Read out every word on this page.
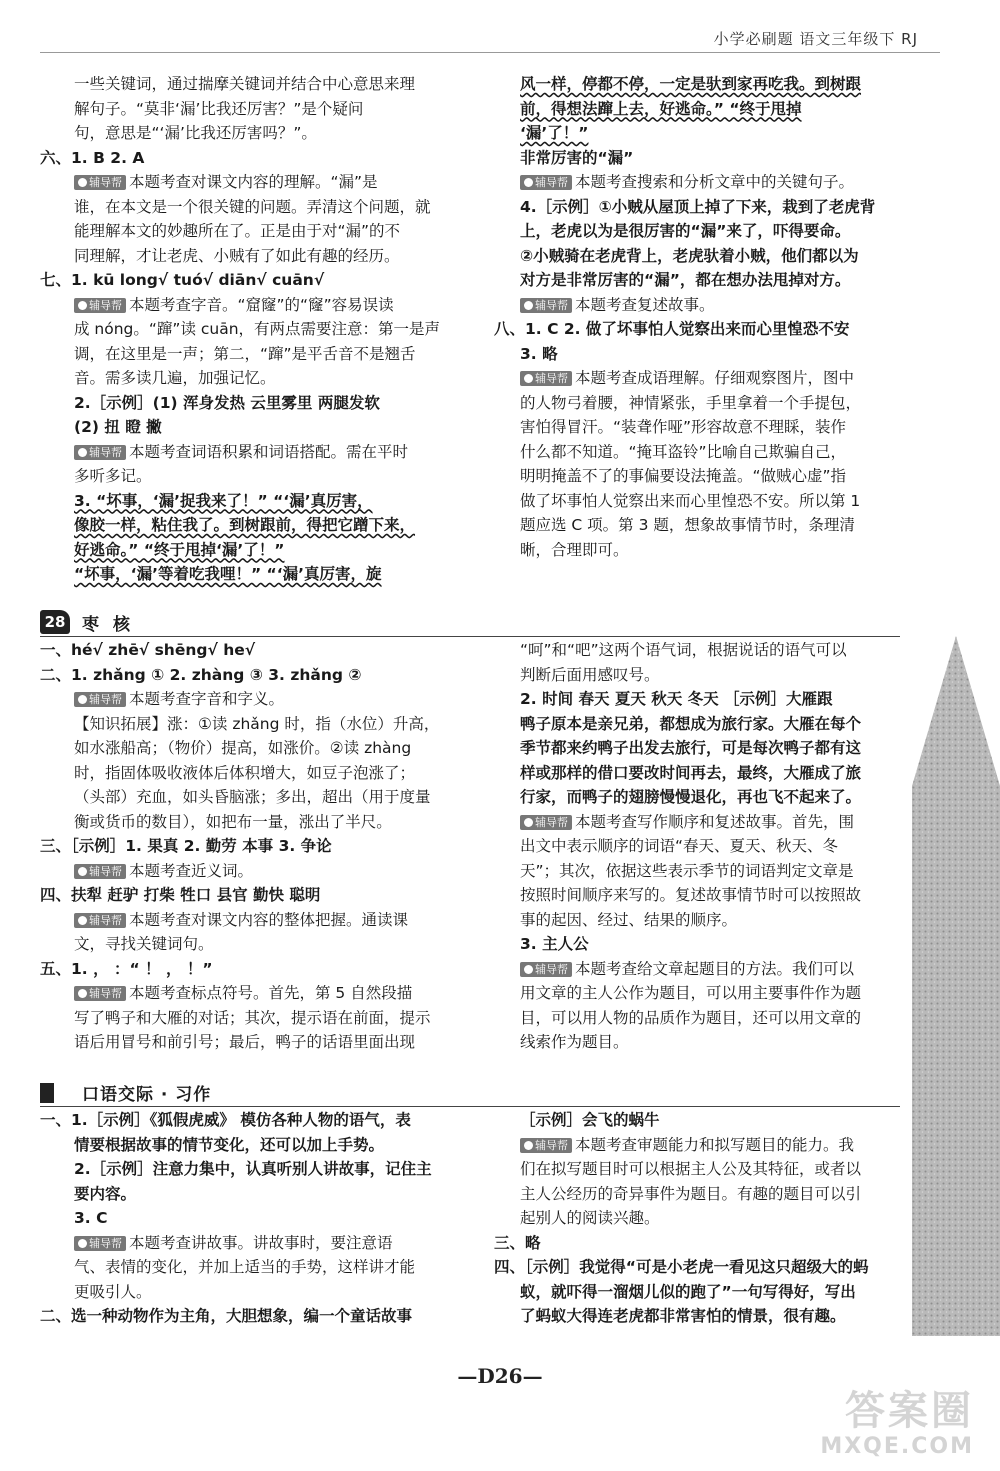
小学必刷题 语文三年级下 RJ
一些关键词，通过揣摩关键词并结合中心意思来理
解句子。“莫非‘漏’比我还厉害？”是个疑问
句，意思是“‘漏’比我还厉害吗？”。
六、1. B 2. A
辅导帮 本题考查对课文内容的理解。“漏”是
谁，在本文是一个很关键的问题。弄清这个问题，就
能理解本文的妙趣所在了。正是由于对“漏”的不
同理解，才让老虎、小贼有了如此有趣的经历。
七、1. kū long√ tuó√ diān√ cuān√
辅导帮 本题考查字音。“窟窿”的“窿”容易误读
成 nóng。“蹿”读 cuān，有两点需要注意：第一是声
调，在这里是一声；第二，“蹿”是平舌音不是翘舌
音。需多读几遍，加强记忆。
2.［示例］(1) 浑身发热 云里雾里 两腿发软
(2) 扭 瞪 撇
辅导帮 本题考查词语积累和词语搭配。需在平时
多听多记。
3. “坏事，‘漏’捉我来了！” “‘漏’真厉害，
像胶一样，粘住我了。到树跟前，得把它蹭下来，
好逃命。” “终于甩掉‘漏’了！”
“坏事，‘漏’等着吃我哩！” “‘漏’真厉害，旋
风一样，停都不停，一定是驮到家再吃我。到树跟
前，得想法蹿上去，好逃命。” “终于甩掉
‘漏’了！”
非常厉害的“漏”
辅导帮 本题考查搜索和分析文章中的关键句子。
4.［示例］①小贼从屋顶上掉了下来，栽到了老虎背
上，老虎以为是很厉害的“漏”来了，吓得要命。
②小贼骑在老虎背上，老虎驮着小贼，他们都以为
对方是非常厉害的“漏”，都在想办法甩掉对方。
辅导帮 本题考查复述故事。
八、1. C 2. 做了坏事怕人觉察出来而心里惶恐不安
3. 略
辅导帮 本题考查成语理解。仔细观察图片，图中
的人物弓着腰，神情紧张，手里拿着一个手提包，
害怕得冒汗。“装聋作哑”形容故意不理睬，装作
什么都不知道。“掩耳盗铃”比喻自己欺骗自己，
明明掩盖不了的事偏要设法掩盖。“做贼心虚”指
做了坏事怕人觉察出来而心里惶恐不安。所以第 1
题应选 C 项。第 3 题，想象故事情节时，条理清
晰，合理即可。
28 枣核
一、hé√ zhē√ shēng√ he√
二、1. zhǎng ① 2. zhàng ③ 3. zhǎng ②
辅导帮 本题考查字音和字义。
【知识拓展】涨：①读 zhǎng 时，指（水位）升高，
如水涨船高；（物价）提高，如涨价。②读 zhàng
时，指固体吸收液体后体积增大，如豆子泡涨了；
（头部）充血，如头昏脑涨；多出，超出（用于度量
衡或货币的数目），如把布一量，涨出了半尺。
三、［示例］1. 果真 2. 勤劳 本事 3. 争论
辅导帮 本题考查近义词。
四、扶犁 赶驴 打柴 牲口 县官 勤快 聪明
辅导帮 本题考查对课文内容的整体把握。通读课
文，寻找关键词句。
五、1. ， ：“ ！ ， ！”
辅导帮 本题考查标点符号。首先，第 5 自然段描
写了鸭子和大雁的对话；其次，提示语在前面，提示
语后用冒号和前引号；最后，鸭子的话语里面出现
“呵”和“吧”这两个语气词，根据说话的语气可以
判断后面用感叹号。
2. 时间 春天 夏天 秋天 冬天 ［示例］大雁跟
鸭子原本是亲兄弟，都想成为旅行家。大雁在每个
季节都来约鸭子出发去旅行，可是每次鸭子都有这
样或那样的借口要改时间再去，最终，大雁成了旅
行家，而鸭子的翅膀慢慢退化，再也飞不起来了。
辅导帮 本题考查写作顺序和复述故事。首先，围
出文中表示顺序的词语“春天、夏天、秋天、冬
天”；其次，依据这些表示季节的词语判定文章是
按照时间顺序来写的。复述故事情节时可以按照故
事的起因、经过、结果的顺序。
3. 主人公
辅导帮 本题考查给文章起题目的方法。我们可以
用文章的主人公作为题目，可以用主要事件作为题
目，可以用人物的品质作为题目，还可以用文章的
线索作为题目。
口语交际 · 习作
一、1.［示例］《狐假虎威》 模仿各种人物的语气，表
情要根据故事的情节变化，还可以加上手势。
2.［示例］注意力集中，认真听别人讲故事，记住主
要内容。
3. C
辅导帮 本题考查讲故事。讲故事时，要注意语
气、表情的变化，并加上适当的手势，这样讲才能
更吸引人。
二、选一种动物作为主角，大胆想象，编一个童话故事
［示例］会飞的蜗牛
辅导帮 本题考查审题能力和拟写题目的能力。我
们在拟写题目时可以根据主人公及其特征，或者以
主人公经历的奇异事件为题目。有趣的题目可以引
起别人的阅读兴趣。
三、略
四、［示例］我觉得“可是小老虎一看见这只超级大的蚂
蚁，就吓得一溜烟儿似的跑了”一句写得好，写出
了蚂蚁大得连老虎都非常害怕的情景，很有趣。
—D26—
答案圈
MXQE.COM
